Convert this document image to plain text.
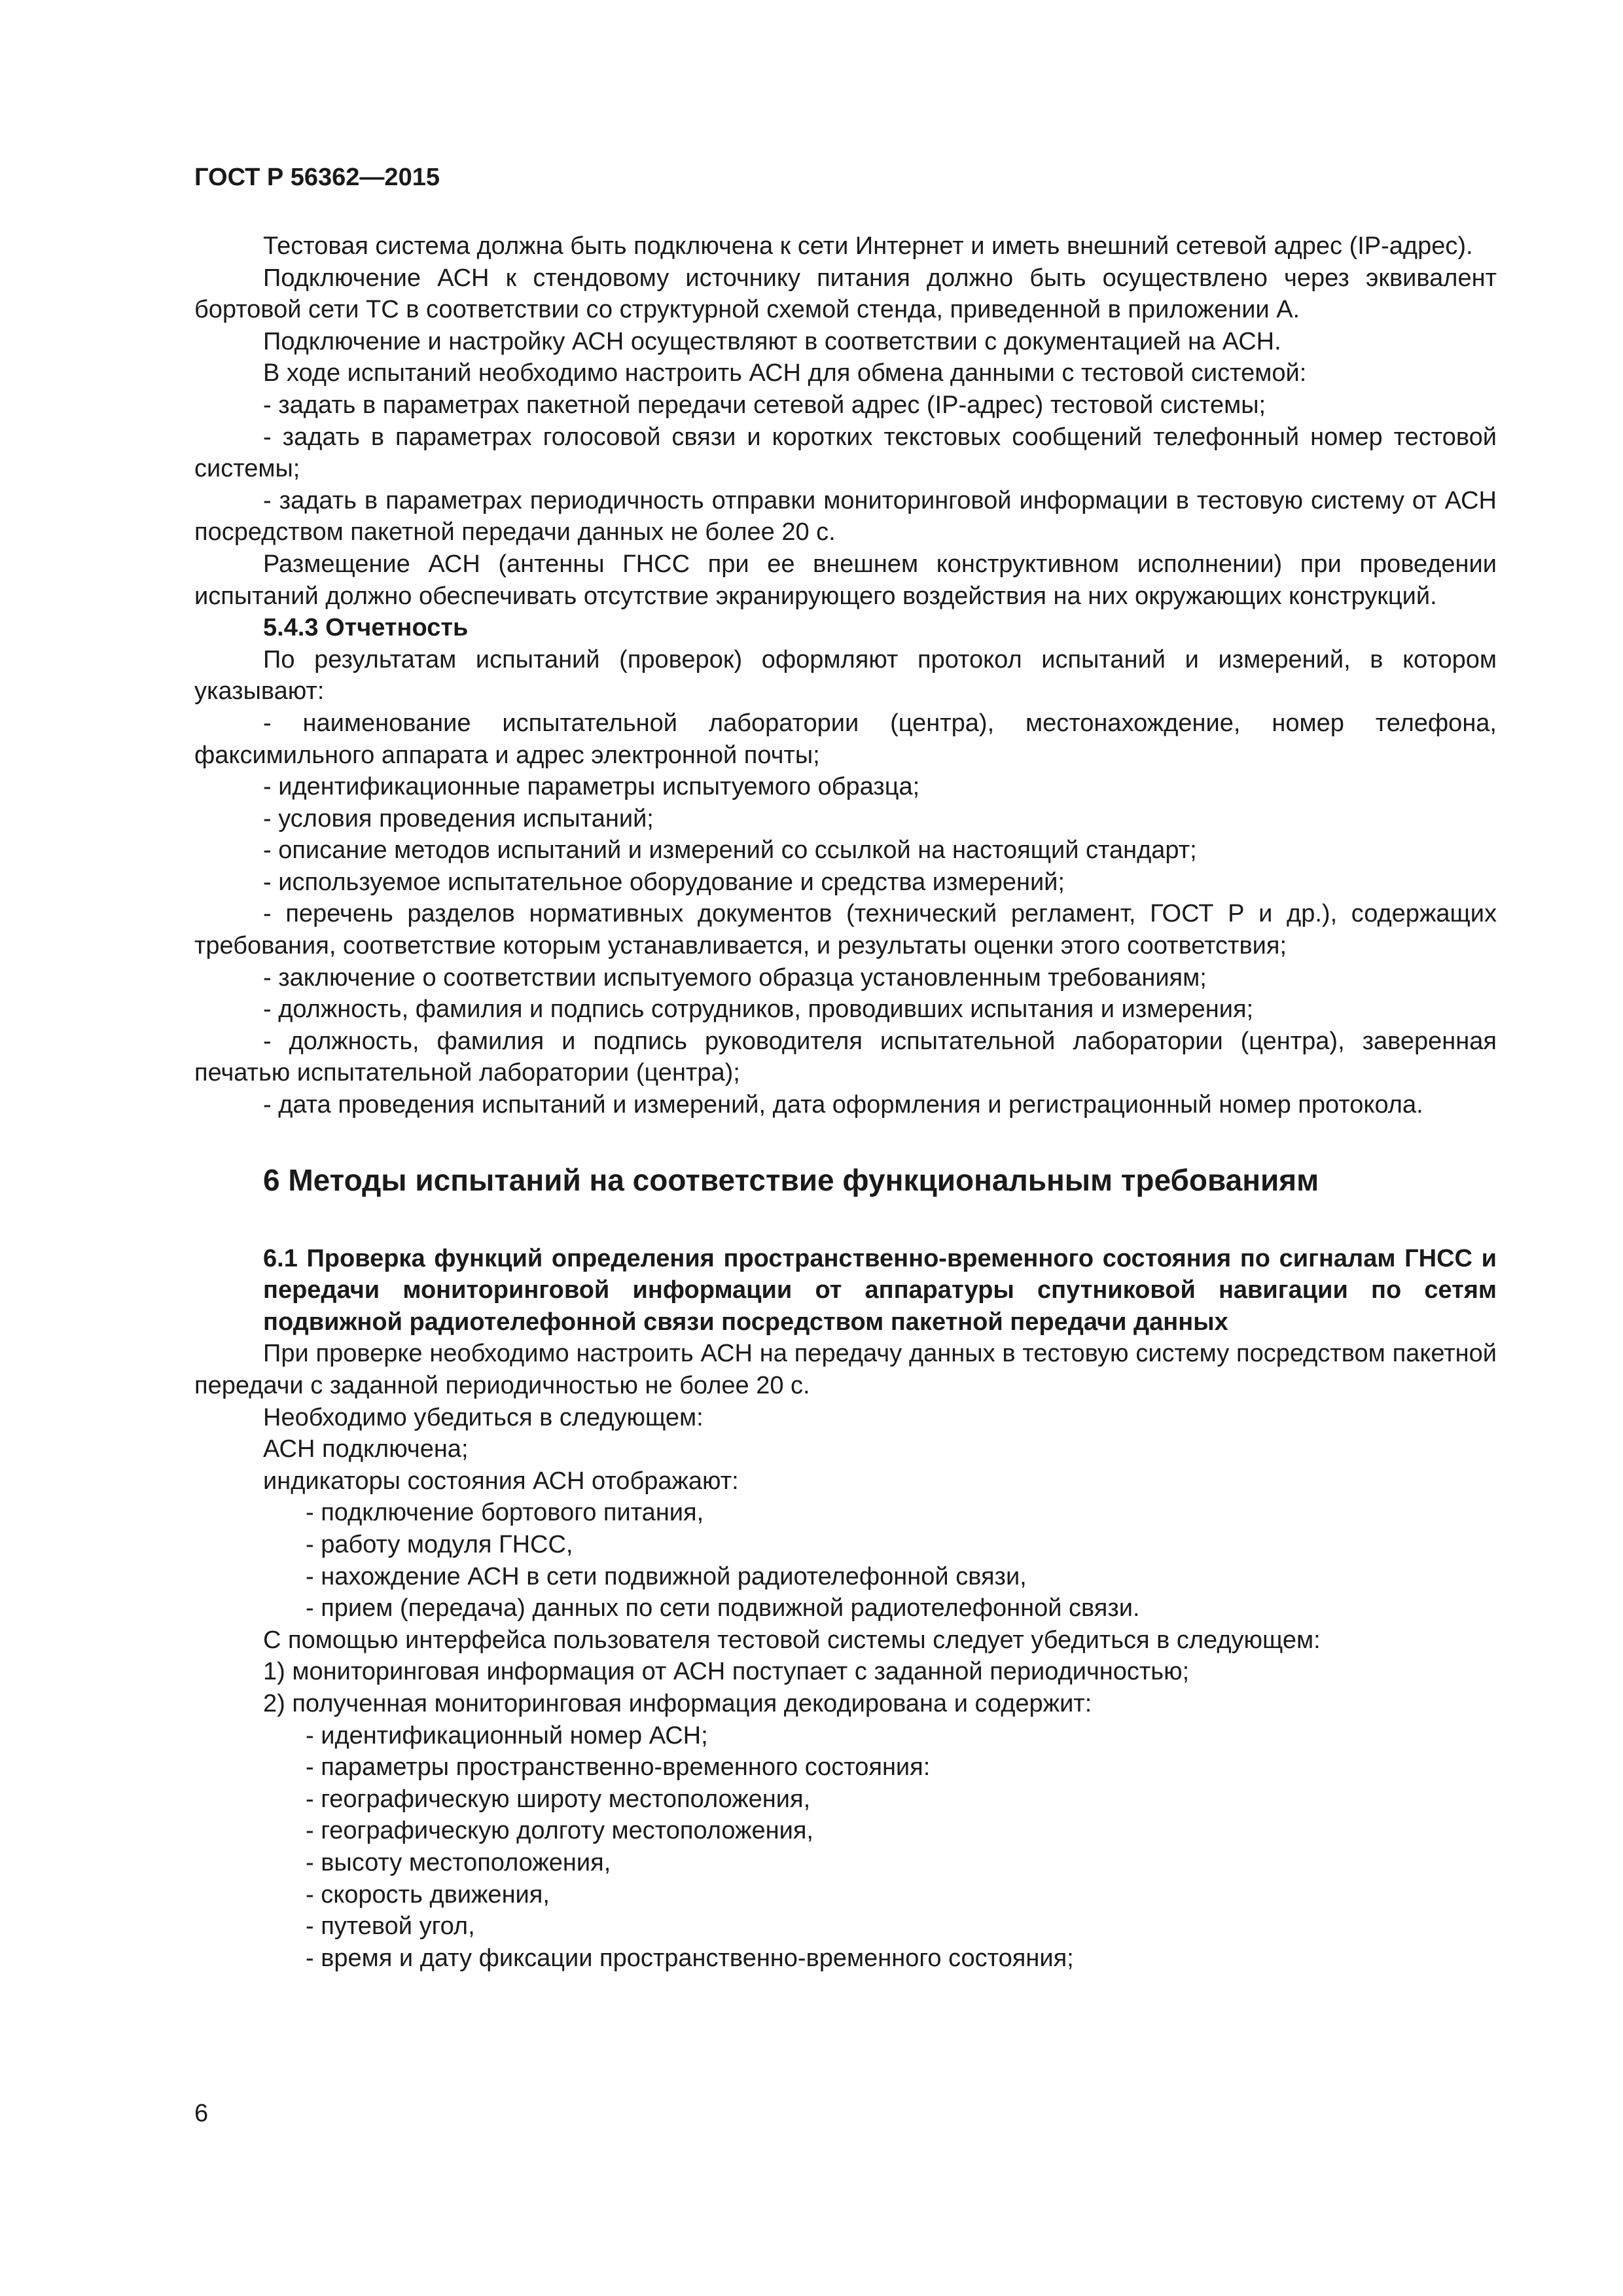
ГОСТ Р 56362—2015

Тестовая система должна быть подключена к сети Интернет и иметь внешний сетевой адрес (IP-адрес).

Подключение АСН к стендовому источнику питания должно быть осуществлено через эквивалент бортовой сети ТС в соответствии со структурной схемой стенда, приведенной в приложении А.

Подключение и настройку АСН осуществляют в соответствии с документацией на АСН.

В ходе испытаний необходимо настроить АСН для обмена данными с тестовой системой:

- задать в параметрах пакетной передачи сетевой адрес (IP-адрес) тестовой системы;

- задать в параметрах голосовой связи и коротких текстовых сообщений телефонный номер тестовой системы;

- задать в параметрах периодичность отправки мониторинговой информации в тестовую систему от АСН посредством пакетной передачи данных не более 20 с.

Размещение АСН (антенны ГНСС при ее внешнем конструктивном исполнении) при проведении испытаний должно обеспечивать отсутствие экранирующего воздействия на них окружающих конструкций.

5.4.3 Отчетность

По результатам испытаний (проверок) оформляют протокол испытаний и измерений, в котором указывают:

- наименование испытательной лаборатории (центра), местонахождение, номер телефона, факсимильного аппарата и адрес электронной почты;

- идентификационные параметры испытуемого образца;

- условия проведения испытаний;

- описание методов испытаний и измерений со ссылкой на настоящий стандарт;

- используемое испытательное оборудование и средства измерений;

- перечень разделов нормативных документов (технический регламент, ГОСТ Р и др.), содержащих требования, соответствие которым устанавливается, и результаты оценки этого соответствия;

- заключение о соответствии испытуемого образца установленным требованиям;

- должность, фамилия и подпись сотрудников, проводивших испытания и измерения;

- должность, фамилия и подпись руководителя испытательной лаборатории (центра), заверенная печатью испытательной лаборатории (центра);

- дата проведения испытаний и измерений, дата оформления и регистрационный номер протокола.

6 Методы испытаний на соответствие функциональным требованиям

6.1 Проверка функций определения пространственно-временного состояния по сигналам ГНСС и передачи мониторинговой информации от аппаратуры спутниковой навигации по сетям подвижной радиотелефонной связи посредством пакетной передачи данных

При проверке необходимо настроить АСН на передачу данных в тестовую систему посредством пакетной передачи с заданной периодичностью не более 20 с.

Необходимо убедиться в следующем:

АСН подключена;

индикаторы состояния АСН отображают:

- подключение бортового питания,

- работу модуля ГНСС,

- нахождение АСН в сети подвижной радиотелефонной связи,

- прием (передача) данных по сети подвижной радиотелефонной связи.

С помощью интерфейса пользователя тестовой системы следует убедиться в следующем:

1) мониторинговая информация от АСН поступает с заданной периодичностью;

2) полученная мониторинговая информация декодирована и содержит:

- идентификационный номер АСН;

- параметры пространственно-временного состояния:

- географическую широту местоположения,

- географическую долготу местоположения,

- высоту местоположения,

- скорость движения,

- путевой угол,

- время и дату фиксации пространственно-временного состояния;

6
